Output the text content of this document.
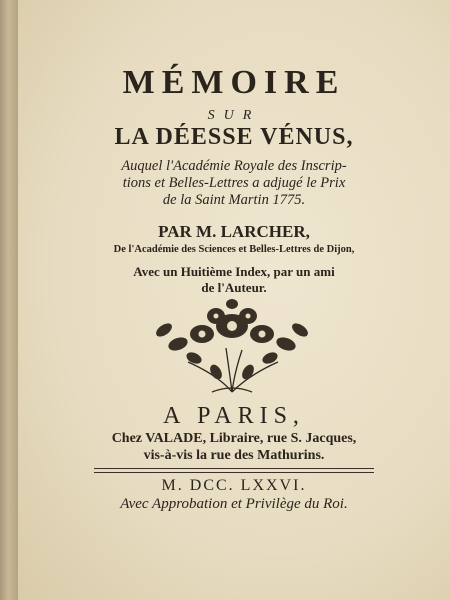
MÉMOIRE
SUR
LA DÉESSE VÉNUS,
Auquel l'Académie Royale des Inscrip-
tions et Belles-Lettres a adjugé le Prix
de la Saint Martin 1775.
PAR M. LARCHER,
De l'Académie des Sciences et Belles-Lettres de Dijon,
Avec un Huitième Index, par un ami
de l'Auteur.
A PARIS,
Chez VALADE, Libraire, rue S. Jacques,
vis-à-vis la rue des Mathurins.
M. DCC. LXXVI.
Avec Approbation et Privilège du Roi.
